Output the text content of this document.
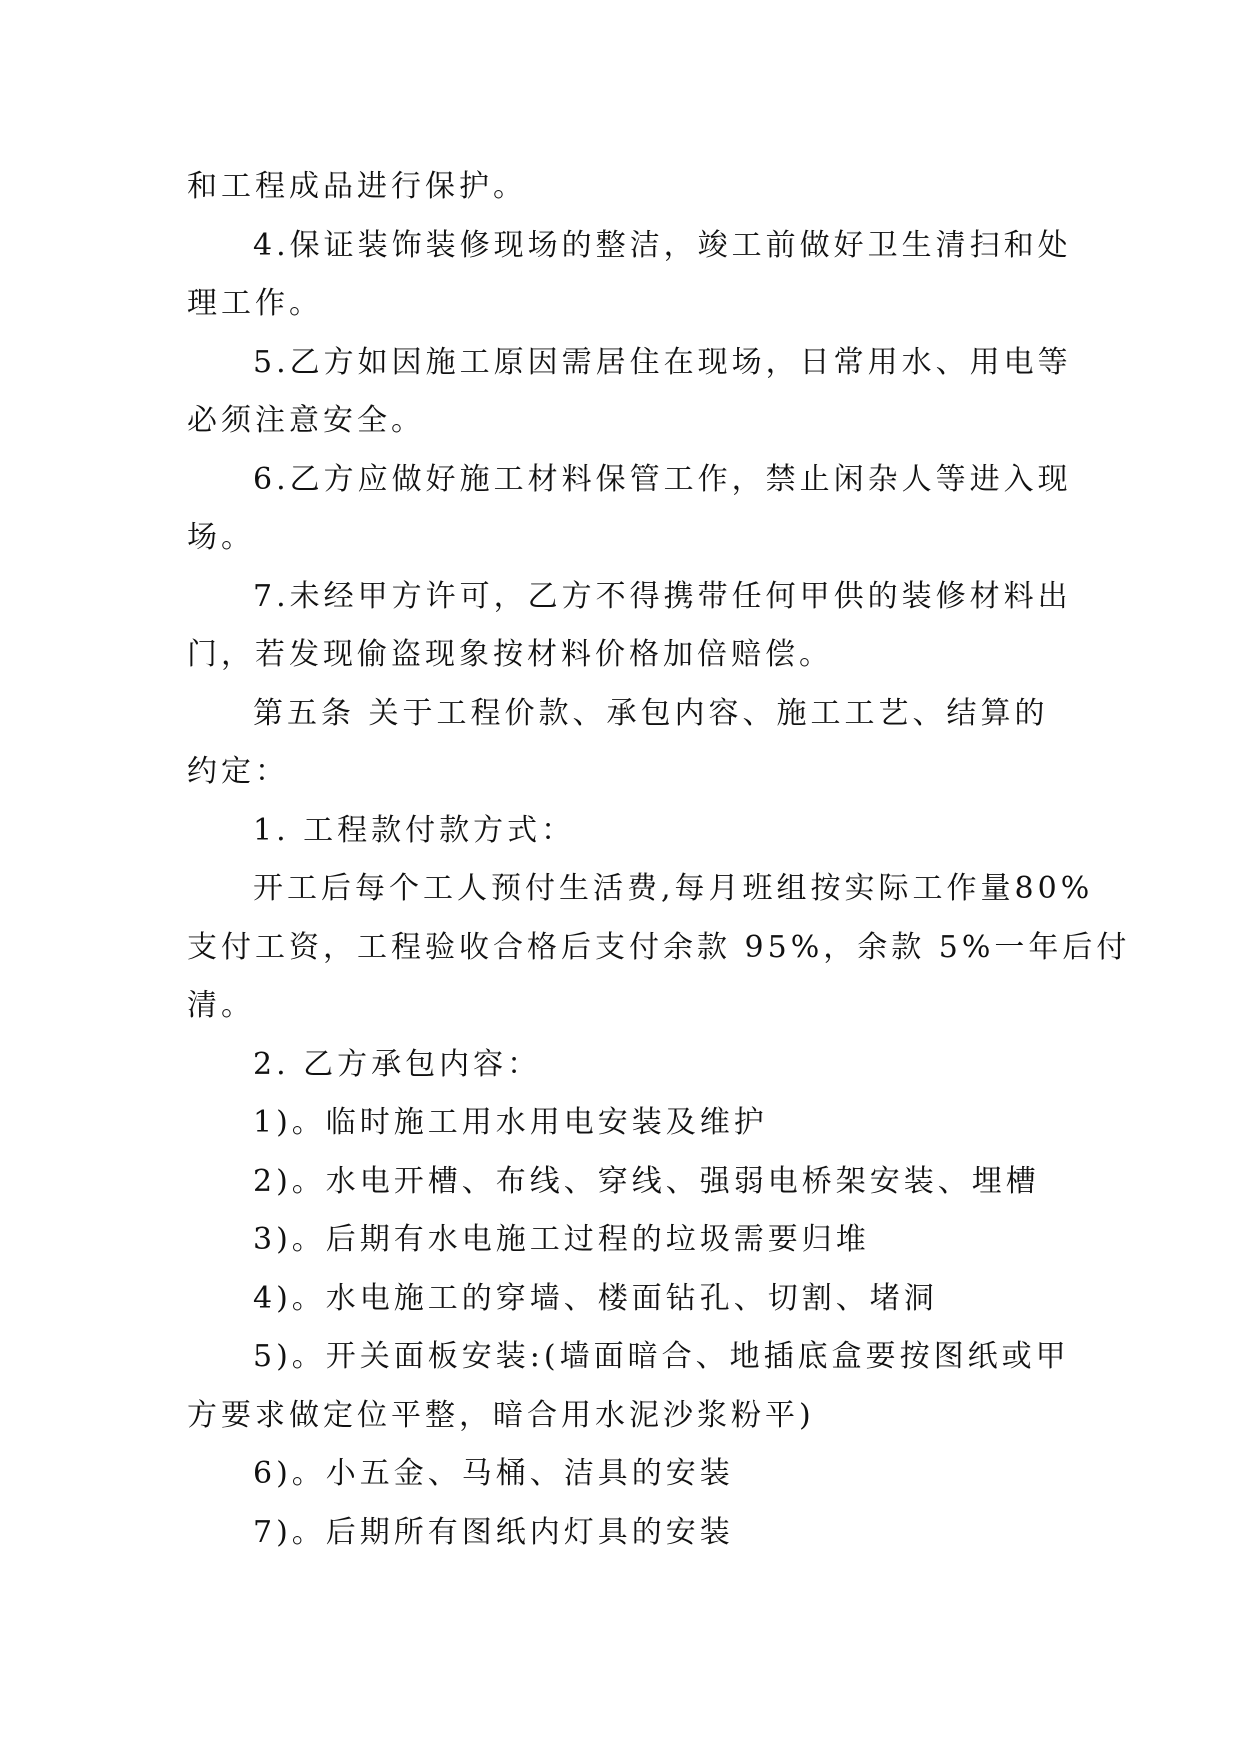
和工程成品进行保护。
4.保证装饰装修现场的整洁，竣工前做好卫生清扫和处
理工作。
5.乙方如因施工原因需居住在现场，日常用水、用电等
必须注意安全。
6.乙方应做好施工材料保管工作，禁止闲杂人等进入现
场。
7.未经甲方许可，乙方不得携带任何甲供的装修材料出
门，若发现偷盗现象按材料价格加倍赔偿。
第五条 关于工程价款、承包内容、施工工艺、结算的
约定：
1. 工程款付款方式：
开工后每个工人预付生活费,每月班组按实际工作量80%
支付工资，工程验收合格后支付余款 95%，余款 5%一年后付
清。
2. 乙方承包内容：
1)。临时施工用水用电安装及维护
2)。水电开槽、布线、穿线、强弱电桥架安装、埋槽
3)。后期有水电施工过程的垃圾需要归堆
4)。水电施工的穿墙、楼面钻孔、切割、堵洞
5)。开关面板安装:(墙面暗合、地插底盒要按图纸或甲
方要求做定位平整，暗合用水泥沙浆粉平)
6)。小五金、马桶、洁具的安装
7)。后期所有图纸内灯具的安装
